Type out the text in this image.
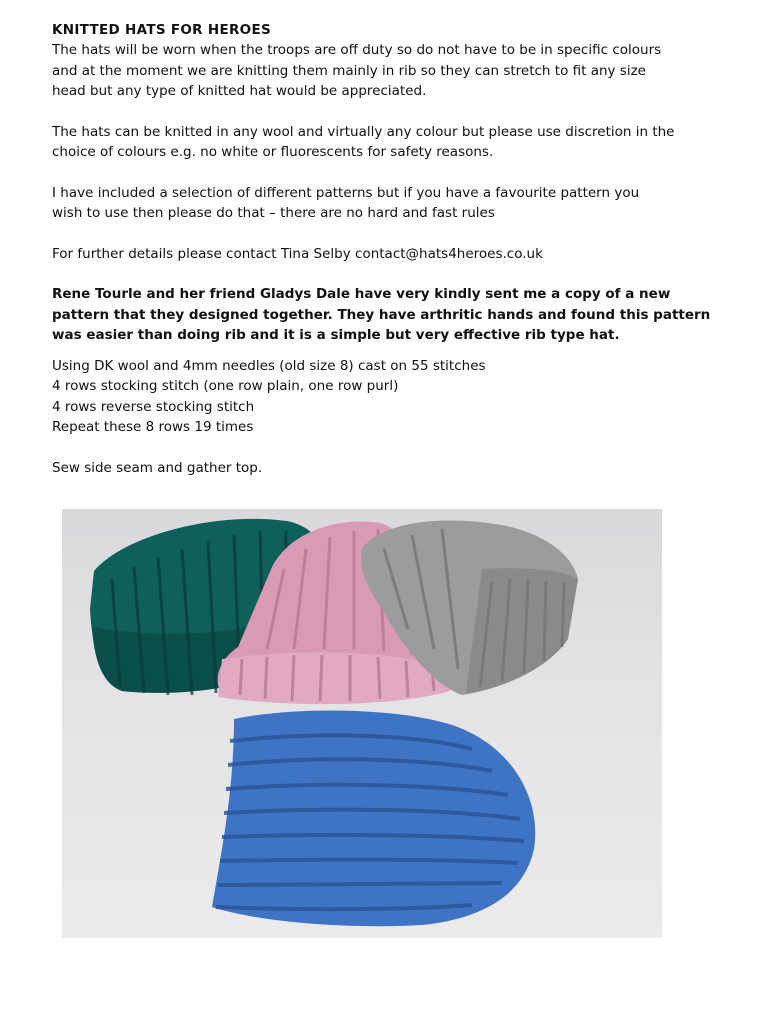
KNITTED HATS FOR HEROES

The hats will be worn when the troops are off duty so do not have to be in specific colours

and at the moment we are knitting them mainly in rib so they can stretch to fit any size

head but any type of knitted hat would be appreciated.

The hats can be knitted in any wool and virtually any colour but please use discretion in the

choice of colours e.g. no white or fluorescents for safety reasons.

I have included a selection of different patterns but if you have a favourite pattern you

wish to use then please do that – there are no hard and fast rules

For further details please contact Tina Selby contact@hats4heroes.co.uk

Rene Tourle and her friend Gladys Dale have very kindly sent me a copy of a new

pattern that they designed together. They have arthritic hands and found this pattern

was easier than doing rib and it is a simple but very effective rib type hat.

Using DK wool and 4mm needles (old size 8) cast on 55 stitches

4 rows stocking stitch (one row plain, one row purl)

4 rows reverse stocking stitch

Repeat these 8 rows 19 times

Sew side seam and gather top.
